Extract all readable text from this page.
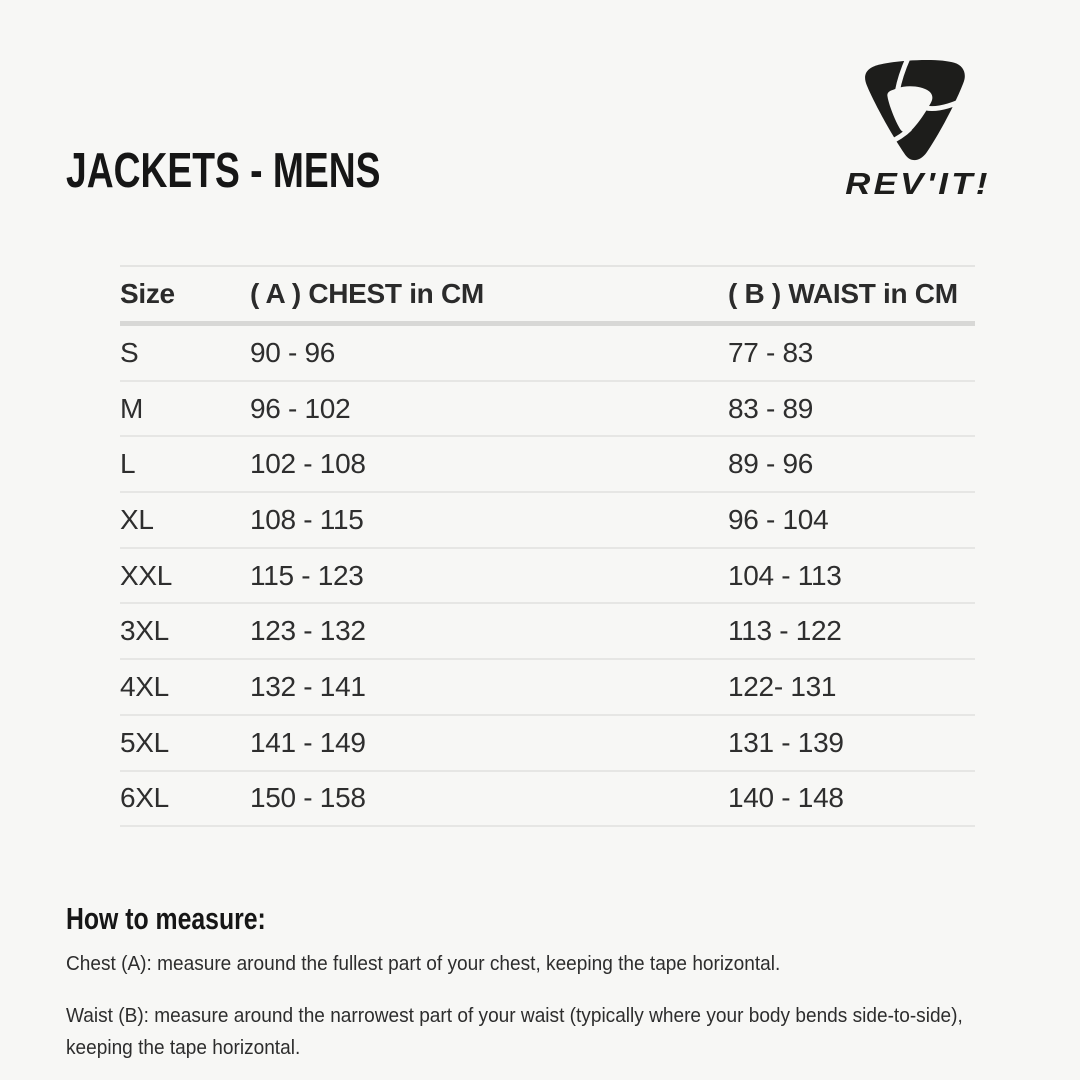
JACKETS - MENS	REV'IT!
Size	( A ) CHEST in CM	( B ) WAIST in CM
S	90 - 96	77 - 83
M	96 - 102	83 - 89
L	102 - 108	89 - 96
XL	108 - 115	96 - 104
XXL	115 - 123	104 - 113
3XL	123 - 132	113 - 122
4XL	132 - 141	122- 131
5XL	141 - 149	131 - 139
6XL	150 - 158	140 - 148
How to measure:

Chest (A): measure around the fullest part of your chest, keeping the tape horizontal.

Waist (B): measure around the narrowest part of your waist (typically where your body bends side-to-side), keeping the tape horizontal.
